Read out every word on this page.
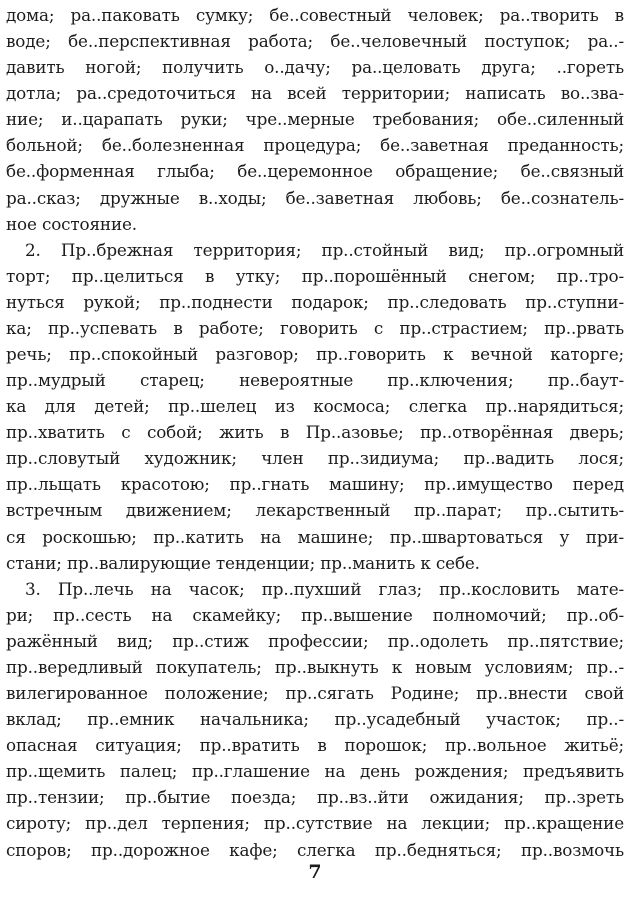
дома; ра..паковать сумку; бе..совестный человек; ра..творить в
воде; бе..перспективная работа; бе..человечный поступок; ра..-
давить ногой; получить о..дачу; ра..целовать друга; ..гореть
дотла; ра..средоточиться на всей территории; написать во..зва-
ние; и..царапать руки; чре..мерные требования; обе..силенный
больной; бе..болезненная процедура; бе..заветная преданность;
бе..форменная глыба; бе..церемонное обращение; бе..связный
ра..сказ; дружные в..ходы; бе..заветная любовь; бе..сознатель-
ное состояние.
2. Пр..брежная территория; пр..стойный вид; пр..огромный
торт; пр..целиться в утку; пр..порошённый снегом; пр..тро-
нуться рукой; пр..поднести подарок; пр..следовать пр..ступни-
ка; пр..успевать в работе; говорить с пр..страстием; пр..рвать
речь; пр..спокойный разговор; пр..говорить к вечной каторге;
пр..мудрый старец; невероятные пр..ключения; пр..баут-
ка для детей; пр..шелец из космоса; слегка пр..нарядиться;
пр..хватить с собой; жить в Пр..азовье; пр..отворённая дверь;
пр..словутый художник; член пр..зидиума; пр..вадить лося;
пр..льщать красотою; пр..гнать машину; пр..имущество перед
встречным движением; лекарственный пр..парат; пр..сытить-
ся роскошью; пр..катить на машине; пр..швартоваться у при-
стани; пр..валирующие тенденции; пр..манить к себе.
3. Пр..лечь на часок; пр..пухший глаз; пр..кословить мате-
ри; пр..сесть на скамейку; пр..вышение полномочий; пр..об-
ражённый вид; пр..стиж профессии; пр..одолеть пр..пятствие;
пр..вередливый покупатель; пр..выкнуть к новым условиям; пр..-
вилегированное положение; пр..сягать Родине; пр..внести свой
вклад; пр..емник начальника; пр..усадебный участок; пр..-
опасная ситуация; пр..вратить в порошок; пр..вольное житьё;
пр..щемить палец; пр..глашение на день рождения; предъявить
пр..тензии; пр..бытие поезда; пр..вз..йти ожидания; пр..зреть
сироту; пр..дел терпения; пр..сутствие на лекции; пр..кращение
споров; пр..дорожное кафе; слегка пр..бедняться; пр..возмочь
7
